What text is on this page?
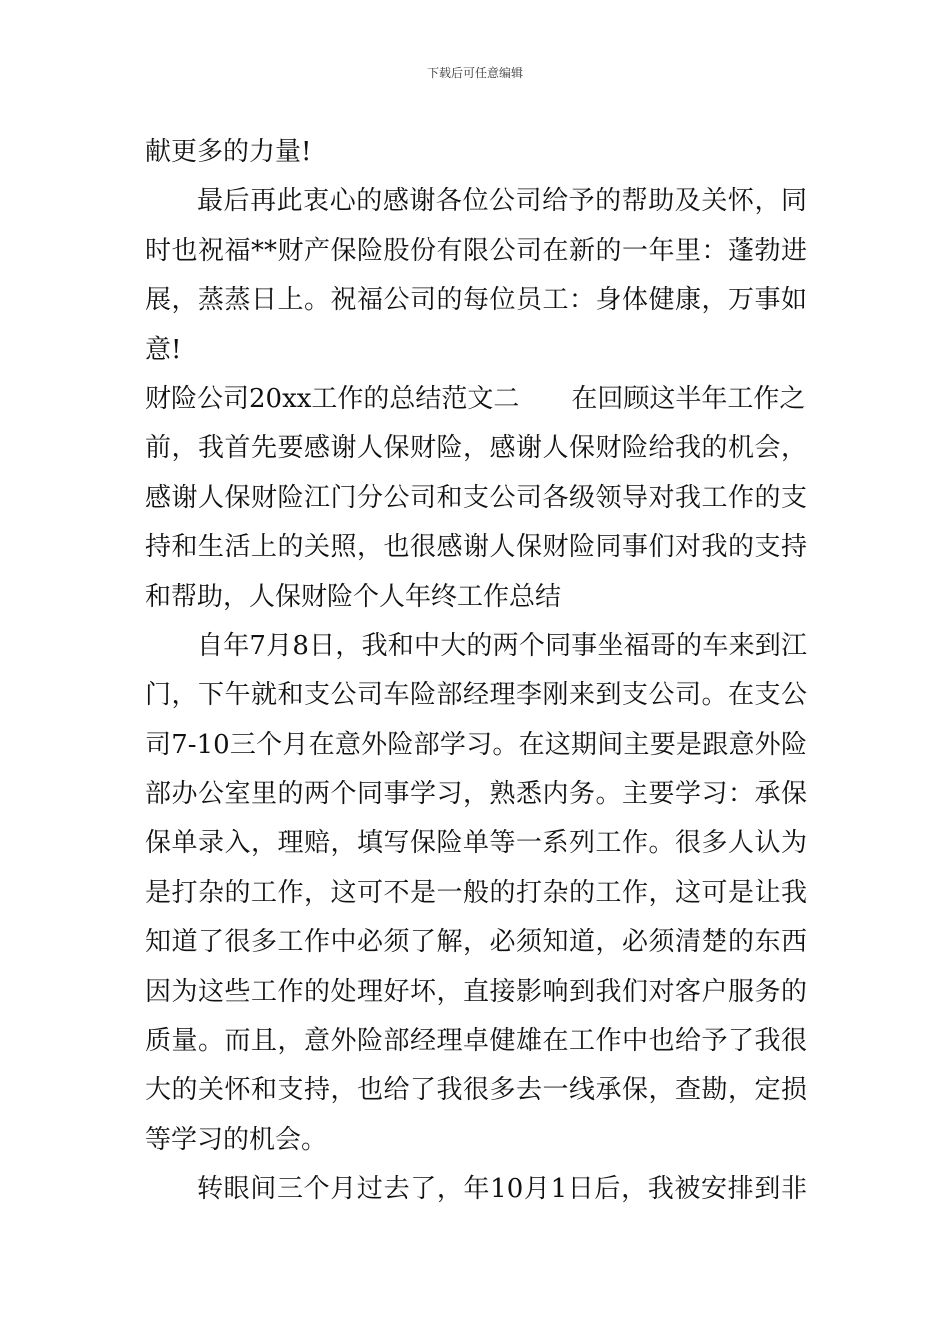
下载后可任意编辑
献更多的力量!
最后再此衷心的感谢各位公司给予的帮助及关怀，同
时也祝福**财产保险股份有限公司在新的一年里：蓬勃进
展，蒸蒸日上。祝福公司的每位员工：身体健康，万事如
意!
财险公司20xx工作的总结范文二 在回顾这半年工作之
前，我首先要感谢人保财险，感谢人保财险给我的机会，
感谢人保财险江门分公司和支公司各级领导对我工作的支
持和生活上的关照，也很感谢人保财险同事们对我的支持
和帮助，人保财险个人年终工作总结
自年7月8日，我和中大的两个同事坐福哥的车来到江
门，下午就和支公司车险部经理李刚来到支公司。在支公
司7-10三个月在意外险部学习。在这期间主要是跟意外险
部办公室里的两个同事学习，熟悉内务。主要学习：承保
保单录入，理赔，填写保险单等一系列工作。很多人认为
是打杂的工作，这可不是一般的打杂的工作，这可是让我
知道了很多工作中必须了解，必须知道，必须清楚的东西
因为这些工作的处理好坏，直接影响到我们对客户服务的
质量。而且，意外险部经理卓健雄在工作中也给予了我很
大的关怀和支持，也给了我很多去一线承保，查勘，定损
等学习的机会。
转眼间三个月过去了，年10月1日后，我被安排到非
